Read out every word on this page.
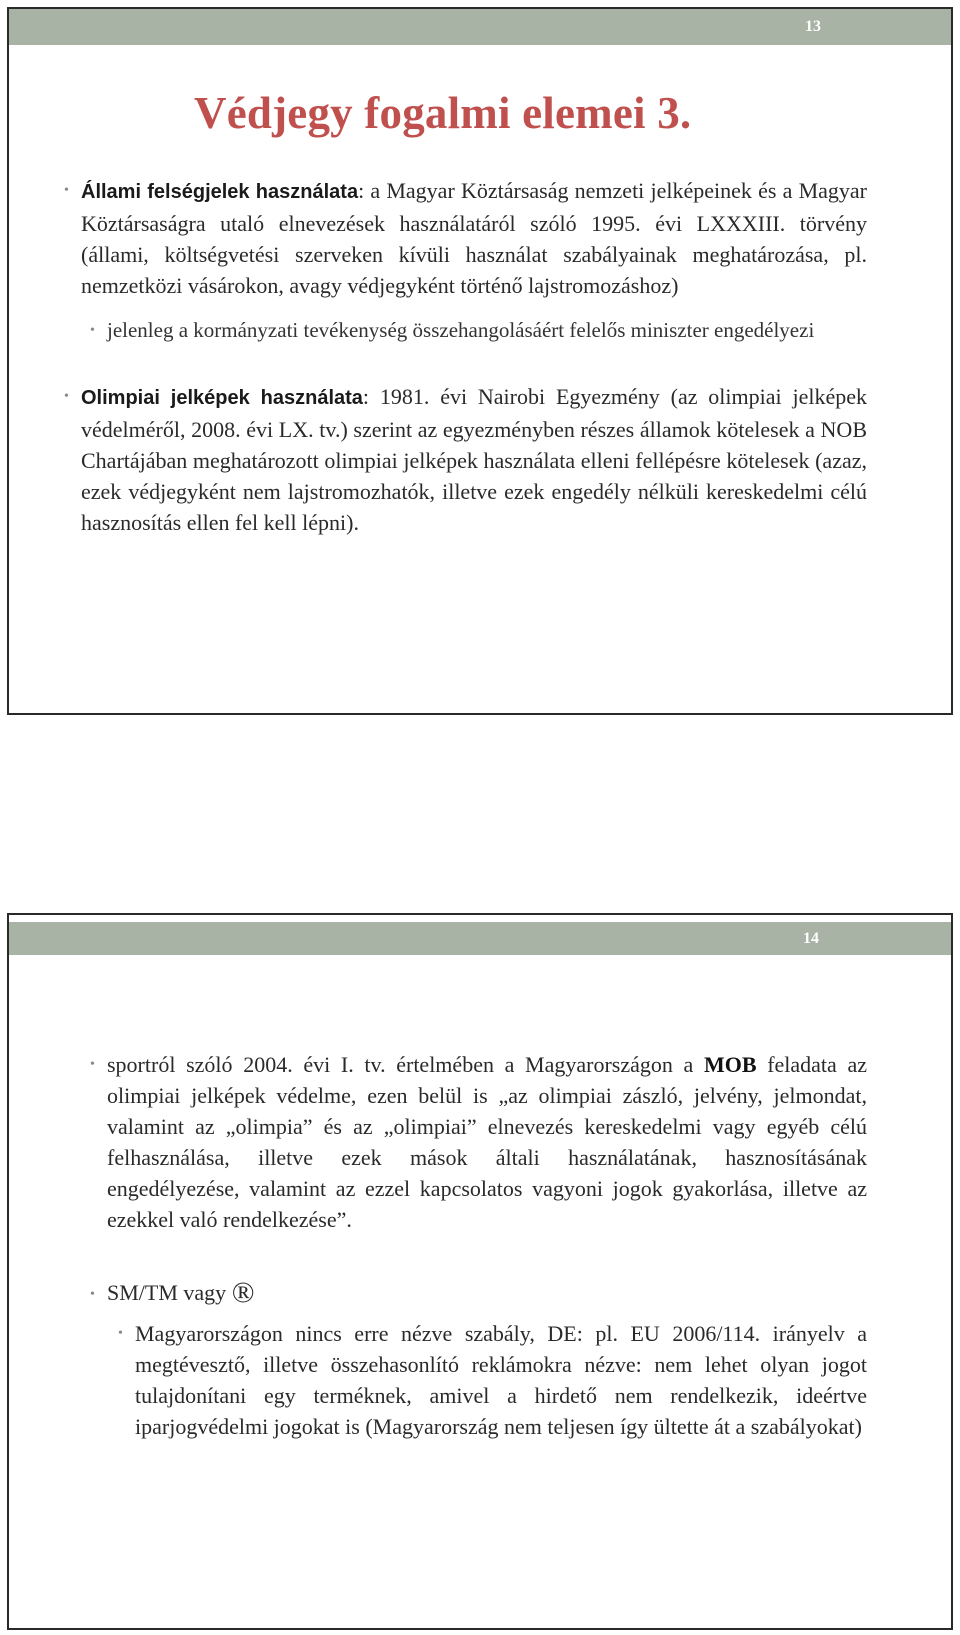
13
Védjegy fogalmi elemei 3.

• Állami felségjelek használata: a Magyar Köztársaság nemzeti jelképeinek és a Magyar Köztársaságra utaló elnevezések használatáról szóló 1995. évi LXXXIII. törvény (állami, költségvetési szerveken kívüli használat szabályainak meghatározása, pl. nemzetközi vásárokon, avagy védjegyként történő lajstromozáshoz)

• jelenleg a kormányzati tevékenység összehangolásáért felelős miniszter engedélyezi

• Olimpiai jelképek használata: 1981. évi Nairobi Egyezmény (az olimpiai jelképek védelméről, 2008. évi LX. tv.) szerint az egyezményben részes államok kötelesek a NOB Chartájában meghatározott olimpiai jelképek használata elleni fellépésre kötelesek (azaz, ezek védjegyként nem lajstromozhatók, illetve ezek engedély nélküli kereskedelmi célú hasznosítás ellen fel kell lépni).

14

• sportról szóló 2004. évi I. tv. értelmében a Magyarországon a MOB feladata az olimpiai jelképek védelme, ezen belül is „az olimpiai zászló, jelvény, jelmondat, valamint az „olimpia” és az „olimpiai” elnevezés kereskedelmi vagy egyéb célú felhasználása, illetve ezek mások általi használatának, hasznosításának engedélyezése, valamint az ezzel kapcsolatos vagyoni jogok gyakorlása, illetve az ezekkel való rendelkezése”.

• SM/TM vagy ®

• Magyarországon nincs erre nézve szabály, DE: pl. EU 2006/114. irányelv a megtévesztő, illetve összehasonlító reklámokra nézve: nem lehet olyan jogot tulajdonítani egy terméknek, amivel a hirdető nem rendelkezik, ideértve iparjogvédelmi jogokat is (Magyarország nem teljesen így ültette át a szabályokat)
